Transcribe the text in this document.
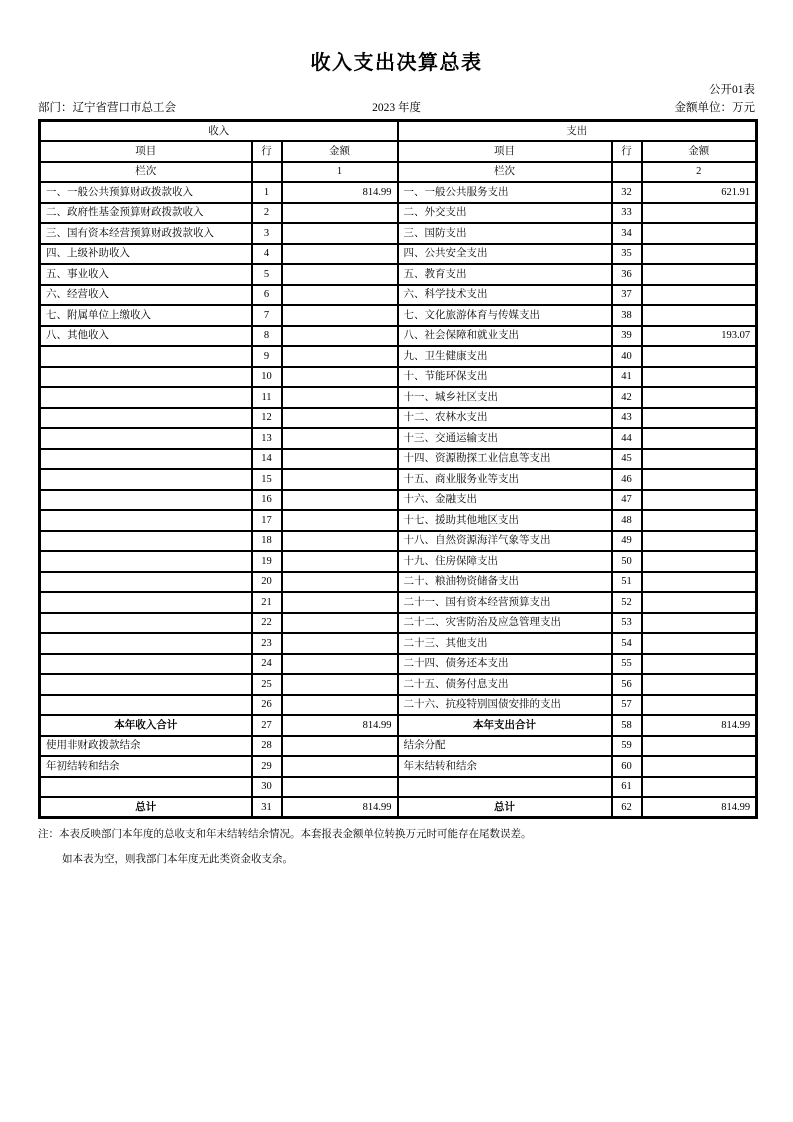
收入支出决算总表
公开01表
部门：辽宁省营口市总工会	2023 年度	金额单位：万元
收入			支出		
项目	行	金额	项目	行	金额
栏次		1	栏次		2
一、一般公共预算财政拨款收入	1	814.99	一、一般公共服务支出	32	621.91
二、政府性基金预算财政拨款收入	2		二、外交支出	33	
三、国有资本经营预算财政拨款收入	3		三、国防支出	34	
四、上级补助收入	4		四、公共安全支出	35	
五、事业收入	5		五、教育支出	36	
六、经营收入	6		六、科学技术支出	37	
七、附属单位上缴收入	7		七、文化旅游体育与传媒支出	38	
八、其他收入	8		八、社会保障和就业支出	39	193.07
	9		九、卫生健康支出	40	
	10		十、节能环保支出	41	
	11		十一、城乡社区支出	42	
	12		十二、农林水支出	43	
	13		十三、交通运输支出	44	
	14		十四、资源勘探工业信息等支出	45	
	15		十五、商业服务业等支出	46	
	16		十六、金融支出	47	
	17		十七、援助其他地区支出	48	
	18		十八、自然资源海洋气象等支出	49	
	19		十九、住房保障支出	50	
	20		二十、粮油物资储备支出	51	
	21		二十一、国有资本经营预算支出	52	
	22		二十二、灾害防治及应急管理支出	53	
	23		二十三、其他支出	54	
	24		二十四、债务还本支出	55	
	25		二十五、债务付息支出	56	
	26		二十六、抗疫特别国债安排的支出	57	
本年收入合计	27	814.99	本年支出合计	58	814.99
使用非财政拨款结余	28		结余分配	59	
年初结转和结余	29		年末结转和结余	60	
	30			61	
总计	31	814.99	总计	62	814.99

注：本表反映部门本年度的总收支和年末结转结余情况。本套报表金额单位转换万元时可能存在尾数误差。

如本表为空，则我部门本年度无此类资金收支余。
